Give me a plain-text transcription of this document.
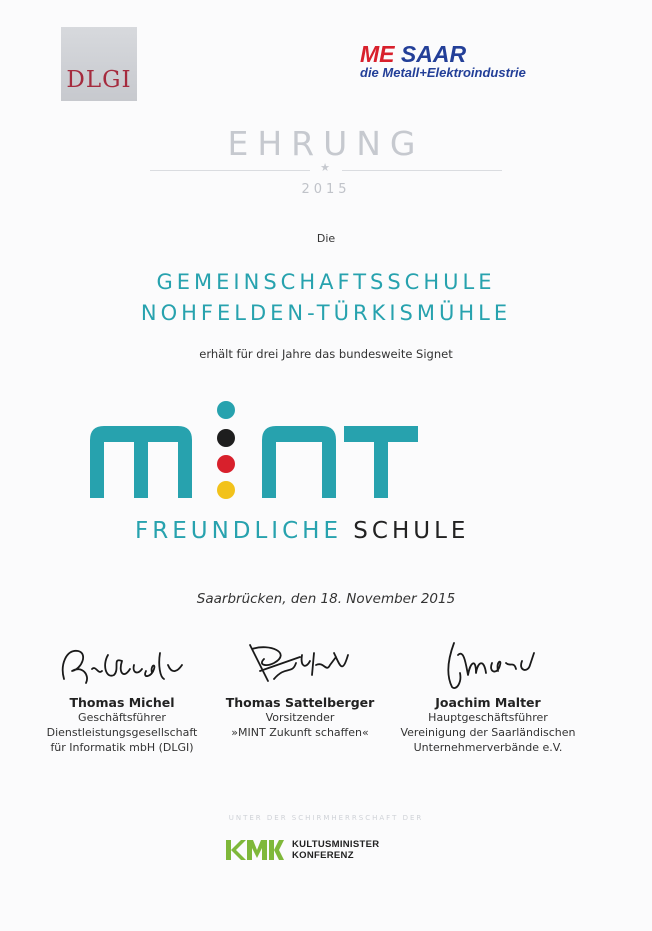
DLGI
ME SAAR
die Metall+Elektroindustrie
EHRUNG
★
2015
Die
GEMEINSCHAFTSSCHULE
NOHFELDEN-TÜRKISMÜHLE
erhält für drei Jahre das bundesweite Signet
FREUNDLICHE SCHULE
Saarbrücken, den 18. November 2015
Thomas Michel
Geschäftsführer
Dienstleistungsgesellschaft
für Informatik mbH (DLGI)
Thomas Sattelberger
Vorsitzender
»MINT Zukunft schaffen«
Joachim Malter
Hauptgeschäftsführer
Vereinigung der Saarländischen
Unternehmerverbände e.V.
UNTER DER SCHIRMHERRSCHAFT DER
KULTUSMINISTER
KONFERENZ
